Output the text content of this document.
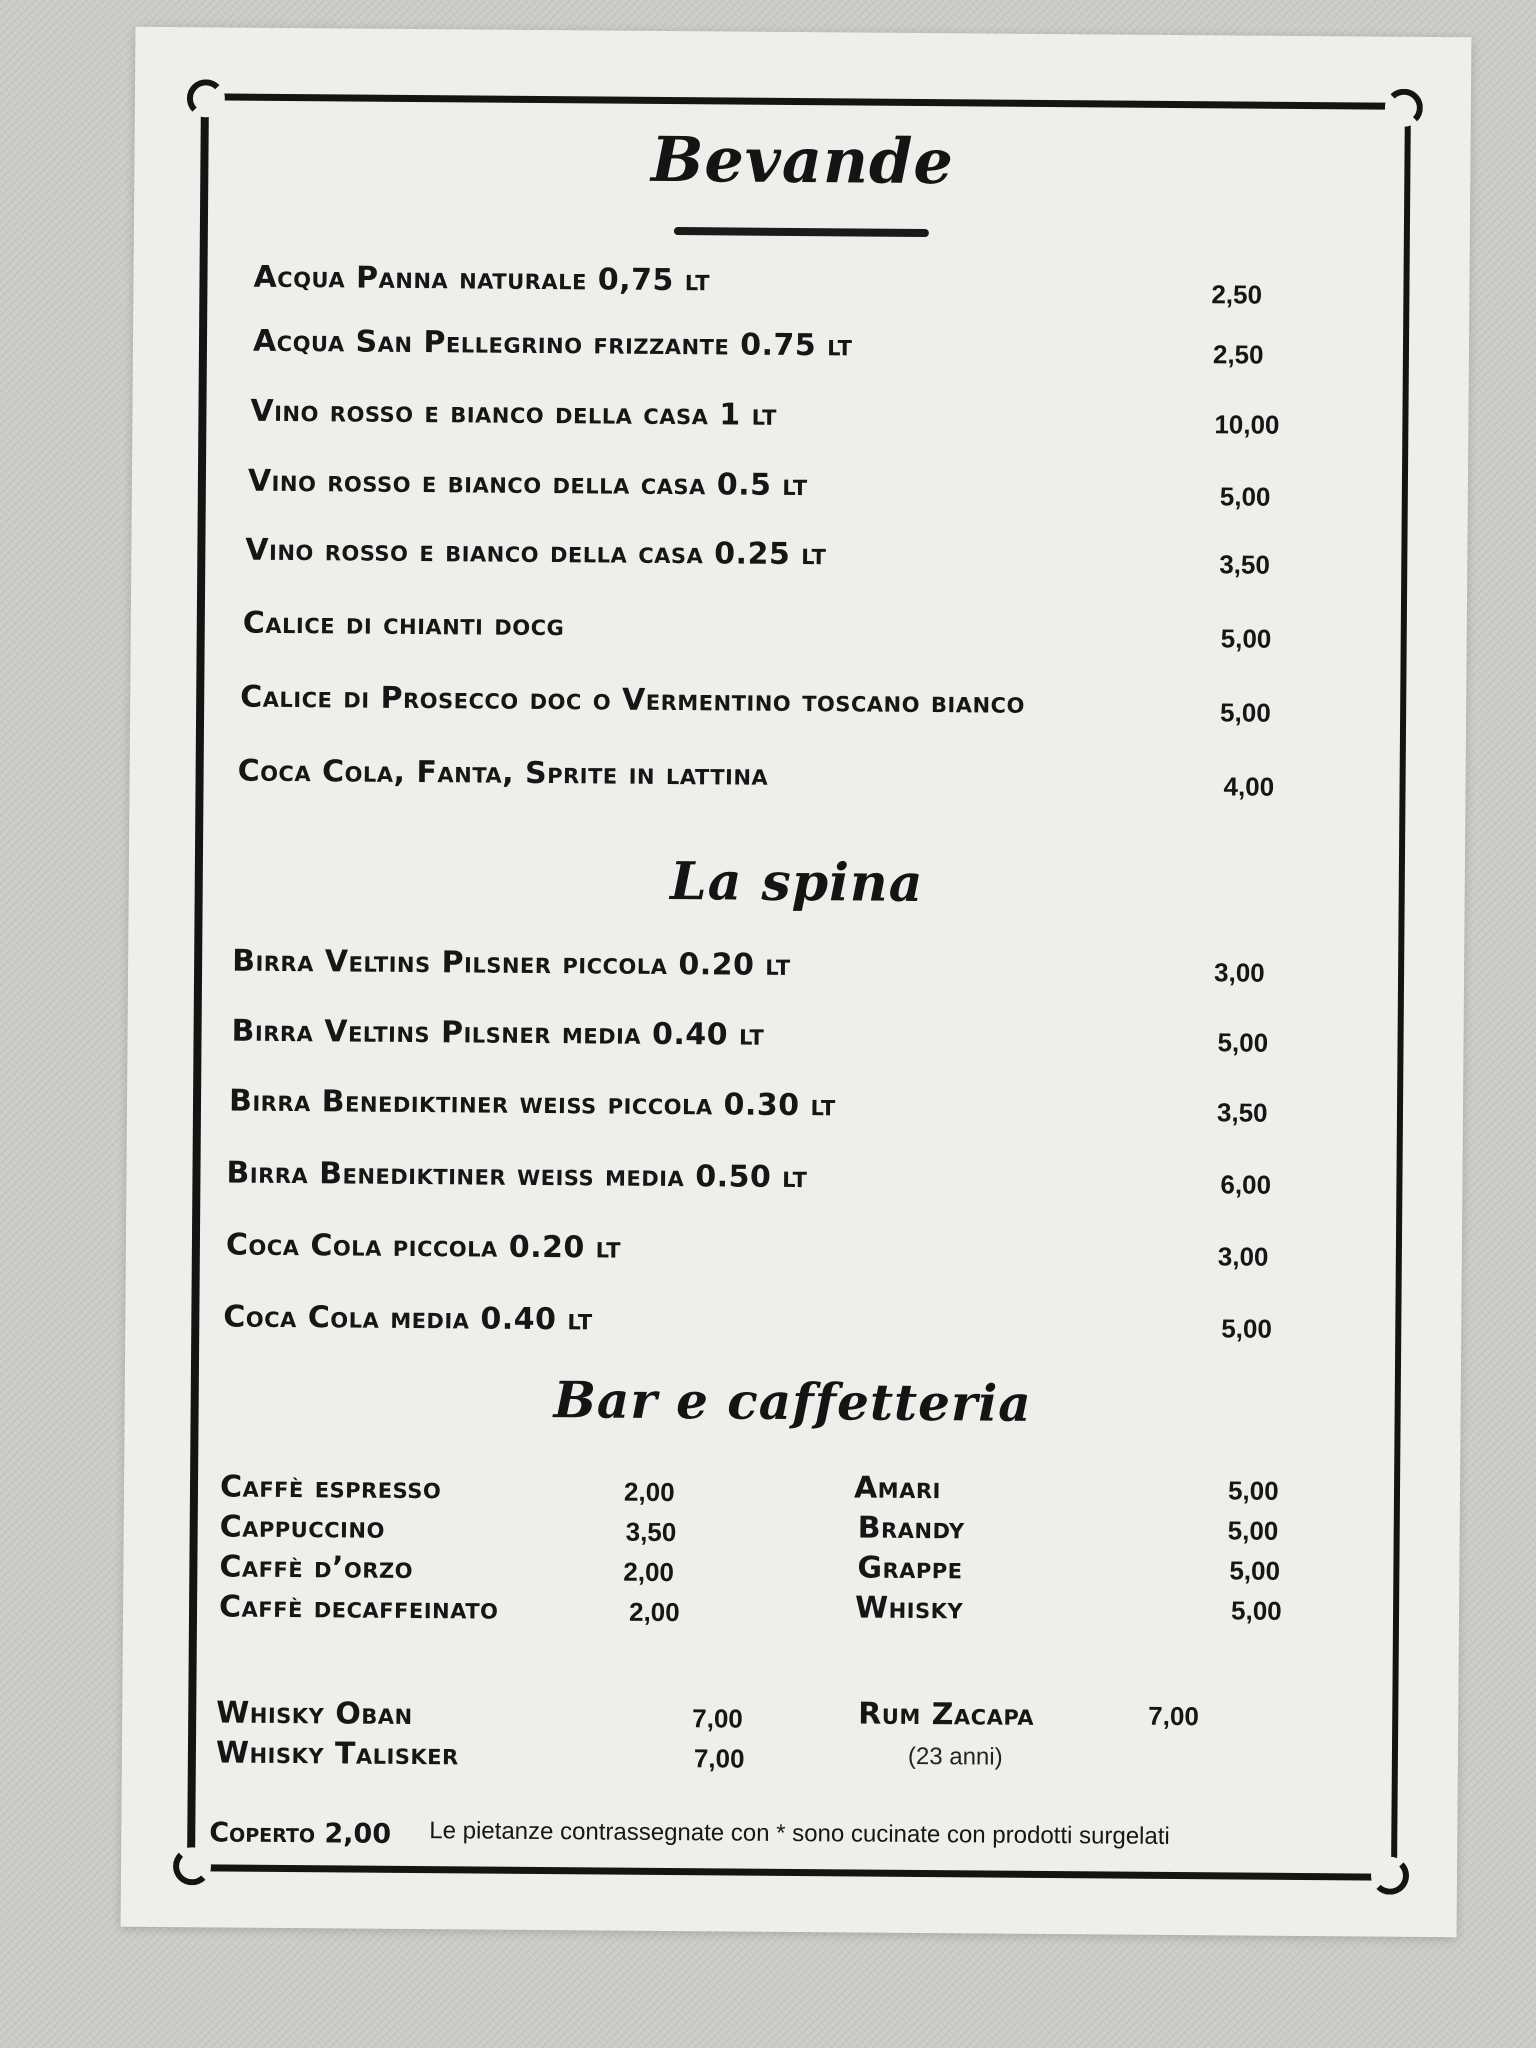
Bevande
Acqua Panna naturale 0,75 lt	2,50
Acqua San Pellegrino frizzante 0.75 lt	2,50
Vino rosso e bianco della casa 1 lt	10,00
Vino rosso e bianco della casa 0.5 lt	5,00
Vino rosso e bianco della casa 0.25 lt	3,50
Calice di chianti docg	5,00
Calice di Prosecco doc o Vermentino toscano bianco	5,00
Coca Cola, Fanta, Sprite in lattina	4,00
La spina
Birra Veltins Pilsner piccola 0.20 lt	3,00
Birra Veltins Pilsner media 0.40 lt	5,00
Birra Benediktiner weiss piccola 0.30 lt	3,50
Birra Benediktiner weiss media 0.50 lt	6,00
Coca Cola piccola 0.20 lt	3,00
Coca Cola media 0.40 lt	5,00
Bar e caffetteria
Caffè espresso	2,00
Cappuccino	3,50
Caffè d’orzo	2,00
Caffè decaffeinato	2,00
Amari	5,00
Brandy	5,00
Grappe	5,00
Whisky	5,00
Whisky Oban	7,00
Whisky Talisker	7,00
Rum Zacapa	7,00
(23 anni)
Coperto 2,00 Le pietanze contrassegnate con * sono cucinate con prodotti surgelati
